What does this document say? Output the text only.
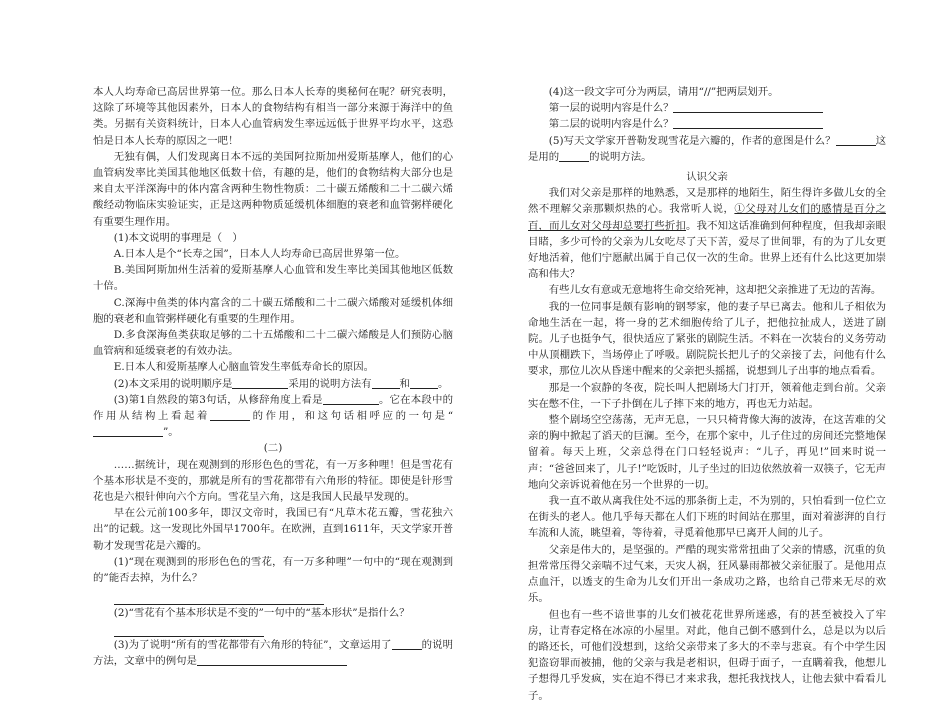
本人人均寿命已高居世界第一位。那么日本人长寿的奥秘何在呢？研究表明，这除了环境等其他因素外，日本人的食物结构有相当一部分来源于海洋中的鱼类。另据有关资料统计，日本人心血管病发生率远远低于世界平均水平，这恐怕是日本人长寿的原因之一吧！

无独有偶，人们发现离日本不远的美国阿拉斯加州爱斯基摩人，他们的心血管病发率比美国其他地区低数十倍，有趣的是，他们的食物结构大部分也是来自太平洋深海中的体内富含两种生物性物质：二十碳五烯酸和二十二碳六烯酸经动物临床实验证实，正是这两种物质延缓机体细胞的衰老和血管粥样硬化有重要生理作用。

(1)本文说明的事理是（　）

A.日本人是个“长寿之国”，日本人人均寿命已高居世界第一位。

B.美国阿斯加州生活着的爱斯基摩人心血管和发生率比美国其他地区低数十倍。

C.深海中鱼类的体内富含的二十碳五烯酸和二十二碳六烯酸对延缓机体细胞的衰老和血管粥样硬化有重要的生理作用。

D.多食深海鱼类获取足够的二十五烯酸和二十二碳六烯酸是人们预防心脑血管病和延缓衰老的有效办法。

E.日本人和爱斯基摩人心脑血管发生率低寿命长的原因。

(2)本文采用的说明顺序是	采用的说明方法有	和	。

(3)第1自然段的第3句话，从修辞角度上看是	。它在本段中的作用从结构上看起着	的作用，和这句话相呼应的一句是“”。

(二)

……据统计，现在观测到的形形色色的雪花，有一万多种哩！但是雪花有个基本形状是不变的，那就是所有的雪花都带有六角形的特征。即使是针形雪花也是六根针伸向六个方向。雪花呈六角，这是我国人民最早发现的。

早在公元前100多年，即汉文帝时，我国已有“凡草木花五瓣，雪花独六出”的记载。这一发现比外国早1700年。在欧洲，直到1611年，天文学家开普勒才发现雪花是六瓣的。

(1)“现在观测到的形形色色的雪花，有一万多种哩”一句中的“现在观测到的”能否去掉，为什么？

(2)“雪花有个基本形状是不变的”一句中的“基本形状”是指什么？

(3)为了说明“所有的雪花都带有六角形的特征”，文章运用了	的说明方法，文章中的例句是

(4)这一段文字可分为两层，请用“//”把两层划开。

第一层的说明内容是什么？

第二层的说明内容是什么？

(5)写天文学家开普勒发现雪花是六瓣的，作者的意图是什么？	这是用的	的说明方法。

认识父亲

我们对父亲是那样的地熟悉，又是那样的地陌生，陌生得许多做儿女的全然不理解父亲那颗炽热的心。我常听人说，①父母对儿女们的感情是百分之百，而儿女对父母却总要打些折扣。我不知这话准确到何种程度，但我却亲眼目睹，多少可怜的父亲为儿女吃尽了天下苦，爱尽了世间罪，有的为了儿女更好地活着，他们宁愿献出属于自己仅一次的生命。世界上还有什么比这更加崇高和伟大？

有些儿女有意或无意地将生命交给死神，这却把父亲推进了无边的苦海。

我的一位同事是颇有影响的钢琴家，他的妻子早已离去。他和儿子相依为命地生活在一起，将一身的艺术细胞传给了儿子，把他拉扯成人，送进了剧院。儿子也挺争气，很快适应了紧张的剧院生活。不料在一次装台的义务劳动中从顶棚跌下，当场停止了呼吸。剧院院长把儿子的父亲接了去，问他有什么要求，那位儿次从昏迷中醒来的父亲把头摇摇，说想到儿子出事的地点看看。

那是一个寂静的冬夜，院长叫人把剧场大门打开，领着他走到台前。父亲实在憋不住，一下子扑倒在儿子摔下来的地方，再也无力站起。

整个剧场空空荡荡，无声无息，一只只椅背像大海的波涛，在这苦难的父亲的胸中掀起了滔天的巨澜。至今，在那个家中，儿子住过的房间还完整地保留着。每天上班，父亲总得在门口轻轻说声：“儿子，再见!”回来时说一声：“爸爸回来了，儿子!”吃饭时，儿子坐过的旧边依然放着一双筷子，它无声地向父亲诉说着他在另一个世界的一切。

我一直不敢从离我住处不远的那条街上走，不为别的，只怕看到一位伫立在街头的老人。他几乎每天都在人们下班的时间站在那里，面对着澎湃的自行车流和人流，眺望着，等待着，寻觅着他那早已离开人间的儿子。

父亲是伟大的，是坚强的。严酷的现实常常扭曲了父亲的情感，沉重的负担常常压得父亲喘不过气来，天灾人祸，狂风暴雨都被父亲征服了。是他用点点血汗，以透支的生命为儿女们开出一条成功之路，也给自己带来无尽的欢乐。

但也有一些不谙世事的儿女们被花花世界所迷惑，有的甚至被投入了牢房，让青春定格在冰凉的小屋里。对此，他自己倒不感到什么，总是以为以后的路还长，可他们没想到，这给父亲带来了多大的不幸与悲哀。有个中学生因犯盗窃罪而被捕，他的父亲与我是老相识，但碍于面子，一直瞒着我，他想儿子想得几乎发疯，实在迫不得已才来求我，想托我找找人，让他去狱中看看儿子。
